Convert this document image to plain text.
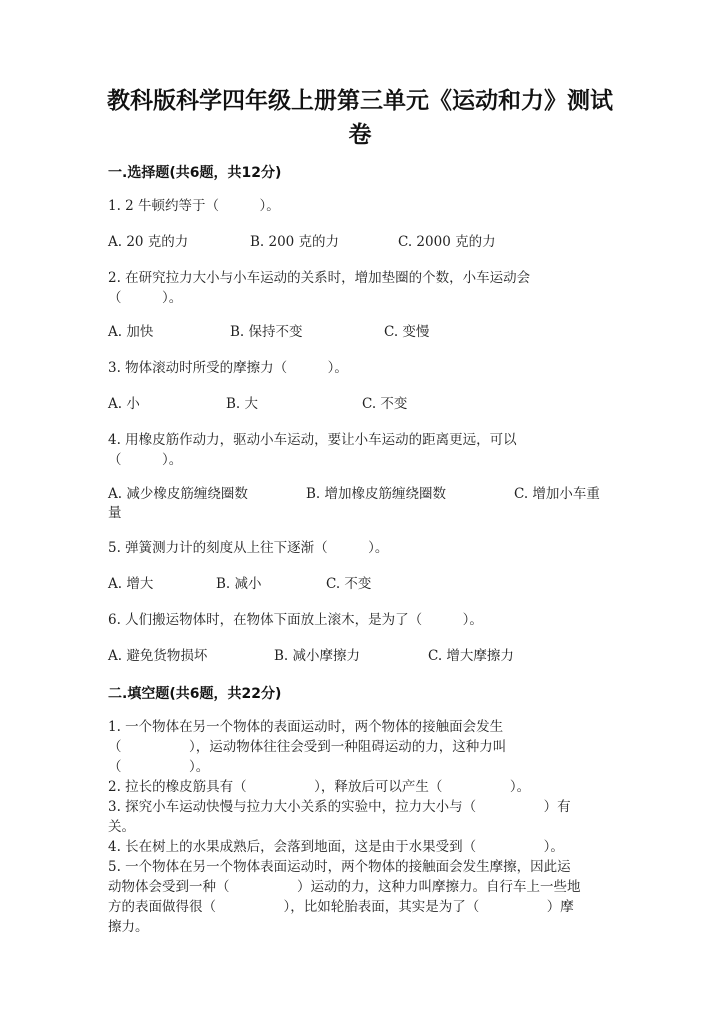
教科版科学四年级上册第三单元《运动和力》测试
卷
一.选择题(共6题，共12分)
1. 2 牛顿约等于（　　　）。
A. 20 克的力	B. 200 克的力	C. 2000 克的力
2. 在研究拉力大小与小车运动的关系时，增加垫圈的个数，小车运动会
（　　　）。
A. 加快	B. 保持不变	C. 变慢
3. 物体滚动时所受的摩擦力（　　　）。
A. 小	B. 大	C. 不变
4. 用橡皮筋作动力，驱动小车运动，要让小车运动的距离更远，可以
（　　　）。
A. 减少橡皮筋缠绕圈数	B. 增加橡皮筋缠绕圈数	C. 增加小车重
量
5. 弹簧测力计的刻度从上往下逐渐（　　　）。
A. 增大	B. 减小	C. 不变
6. 人们搬运物体时，在物体下面放上滚木，是为了（　　　）。
A. 避免货物损坏	B. 减小摩擦力	C. 增大摩擦力
二.填空题(共6题，共22分)
1. 一个物体在另一个物体的表面运动时，两个物体的接触面会发生
（　　　　　），运动物体往往会受到一种阻碍运动的力，这种力叫
（　　　　　）。
2. 拉长的橡皮筋具有（　　　　　），释放后可以产生（　　　　　）。
3. 探究小车运动快慢与拉力大小关系的实验中，拉力大小与（　　　　　）有
关。
4. 长在树上的水果成熟后，会落到地面，这是由于水果受到（　　　　　）。
5. 一个物体在另一个物体表面运动时，两个物体的接触面会发生摩擦，因此运
动物体会受到一种（　　　　　）运动的力，这种力叫摩擦力。自行车上一些地
方的表面做得很（　　　　　），比如轮胎表面，其实是为了（　　　　　）摩
擦力。
